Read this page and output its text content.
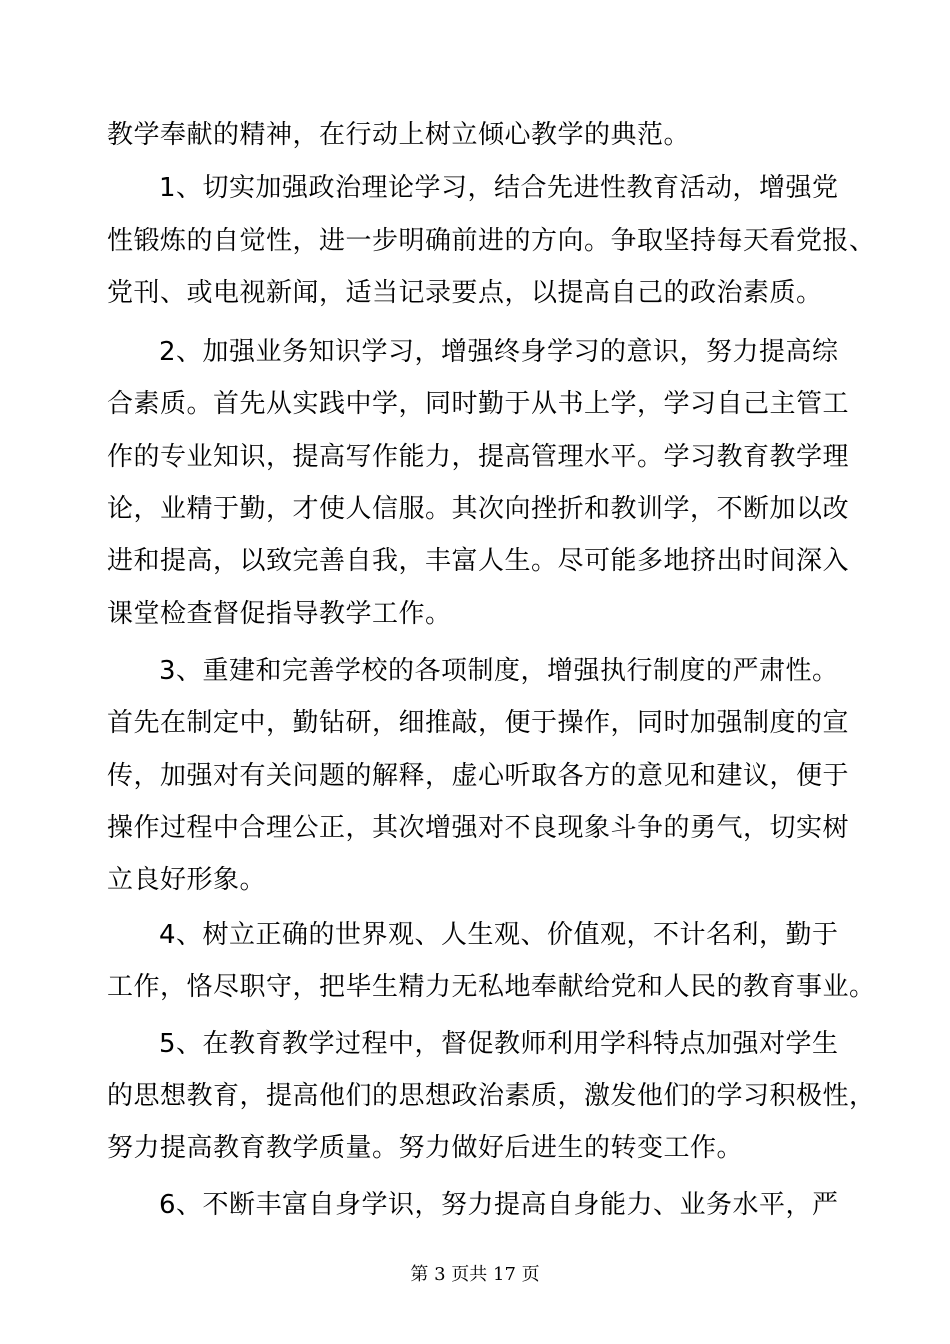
教学奉献的精神，在行动上树立倾心教学的典范。
1、切实加强政治理论学习，结合先进性教育活动，增强党
性锻炼的自觉性，进一步明确前进的方向。争取坚持每天看党报、
党刊、或电视新闻，适当记录要点，以提高自己的政治素质。
2、加强业务知识学习，增强终身学习的意识，努力提高综
合素质。首先从实践中学，同时勤于从书上学，学习自己主管工
作的专业知识，提高写作能力，提高管理水平。学习教育教学理
论，业精于勤，才使人信服。其次向挫折和教训学，不断加以改
进和提高，以致完善自我，丰富人生。尽可能多地挤出时间深入
课堂检查督促指导教学工作。
3、重建和完善学校的各项制度，增强执行制度的严肃性。
首先在制定中，勤钻研，细推敲，便于操作，同时加强制度的宣
传，加强对有关问题的解释，虚心听取各方的意见和建议，便于
操作过程中合理公正，其次增强对不良现象斗争的勇气，切实树
立良好形象。
4、树立正确的世界观、人生观、价值观，不计名利，勤于
工作，恪尽职守，把毕生精力无私地奉献给党和人民的教育事业。
5、在教育教学过程中，督促教师利用学科特点加强对学生
的思想教育，提高他们的思想政治素质，激发他们的学习积极性，
努力提高教育教学质量。努力做好后进生的转变工作。
6、不断丰富自身学识，努力提高自身能力、业务水平，严
第 3 页共 17 页
